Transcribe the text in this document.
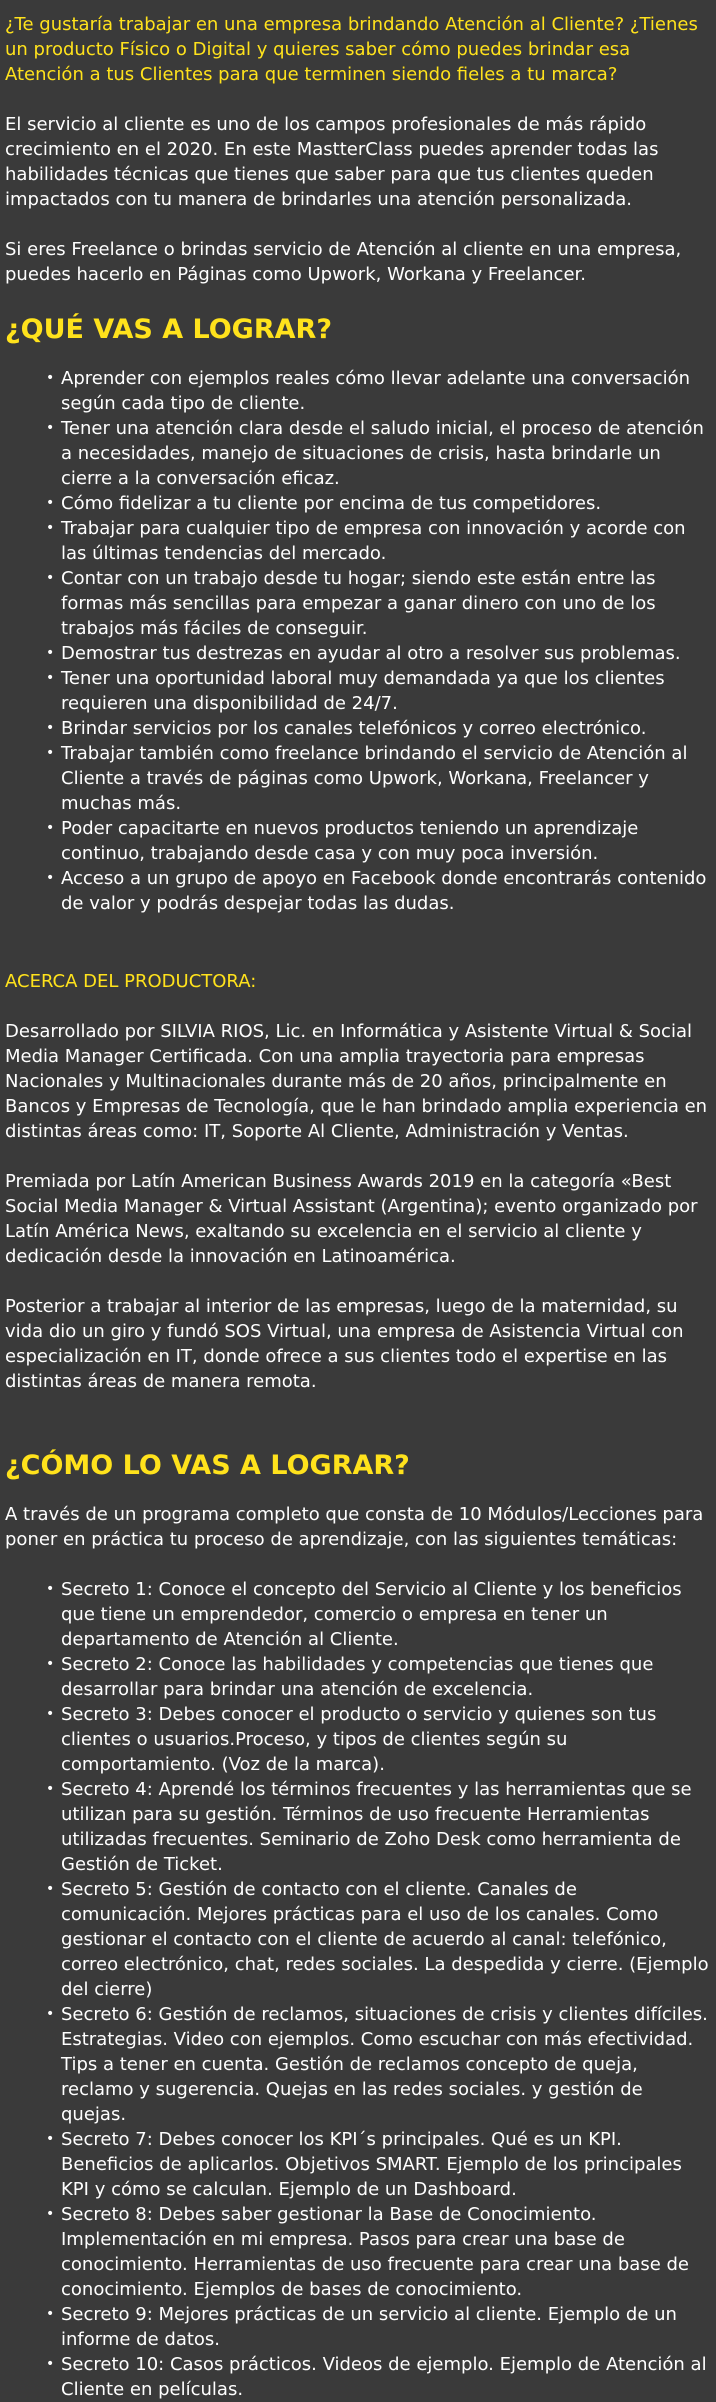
¿Te gustaría trabajar en una empresa brindando Atención al Cliente? ¿Tienes un producto Físico o Digital y quieres saber cómo puedes brindar esa Atención a tus Clientes para que terminen siendo fieles a tu marca?

El servicio al cliente es uno de los campos profesionales de más rápido crecimiento en el 2020. En este MastterClass puedes aprender todas las habilidades técnicas que tienes que saber para que tus clientes queden impactados con tu manera de brindarles una atención personalizada.

Si eres Freelance o brindas servicio de Atención al cliente en una empresa, puedes hacerlo en Páginas como Upwork, Workana y Freelancer.

¿QUÉ VAS A LOGRAR?
• Aprender con ejemplos reales cómo llevar adelante una conversación según cada tipo de cliente.
• Tener una atención clara desde el saludo inicial, el proceso de atención a necesidades, manejo de situaciones de crisis, hasta brindarle un cierre a la conversación eficaz.
• Cómo fidelizar a tu cliente por encima de tus competidores.
• Trabajar para cualquier tipo de empresa con innovación y acorde con las últimas tendencias del mercado.
• Contar con un trabajo desde tu hogar; siendo este están entre las formas más sencillas para empezar a ganar dinero con uno de los trabajos más fáciles de conseguir.
• Demostrar tus destrezas en ayudar al otro a resolver sus problemas.
• Tener una oportunidad laboral muy demandada ya que los clientes requieren una disponibilidad de 24/7.
• Brindar servicios por los canales telefónicos y correo electrónico.
• Trabajar también como freelance brindando el servicio de Atención al Cliente a través de páginas como Upwork, Workana, Freelancer y muchas más.
• Poder capacitarte en nuevos productos teniendo un aprendizaje continuo, trabajando desde casa y con muy poca inversión.
• Acceso a un grupo de apoyo en Facebook donde encontrarás contenido de valor y podrás despejar todas las dudas.

ACERCA DEL PRODUCTORA:

Desarrollado por SILVIA RIOS, Lic. en Informática y Asistente Virtual & Social Media Manager Certificada. Con una amplia trayectoria para empresas Nacionales y Multinacionales durante más de 20 años, principalmente en Bancos y Empresas de Tecnología, que le han brindado amplia experiencia en distintas áreas como: IT, Soporte Al Cliente, Administración y Ventas.

Premiada por Latín American Business Awards 2019 en la categoría «Best Social Media Manager & Virtual Assistant (Argentina); evento organizado por Latín América News, exaltando su excelencia en el servicio al cliente y dedicación desde la innovación en Latinoamérica.

Posterior a trabajar al interior de las empresas, luego de la maternidad, su vida dio un giro y fundó SOS Virtual, una empresa de Asistencia Virtual con especialización en IT, donde ofrece a sus clientes todo el expertise en las distintas áreas de manera remota.

¿CÓMO LO VAS A LOGRAR?

A través de un programa completo que consta de 10 Módulos/Lecciones para poner en práctica tu proceso de aprendizaje, con las siguientes temáticas:

• Secreto 1: Conoce el concepto del Servicio al Cliente y los beneficios que tiene un emprendedor, comercio o empresa en tener un departamento de Atención al Cliente.
• Secreto 2: Conoce las habilidades y competencias que tienes que desarrollar para brindar una atención de excelencia.
• Secreto 3: Debes conocer el producto o servicio y quienes son tus clientes o usuarios.Proceso, y tipos de clientes según su comportamiento. (Voz de la marca).
• Secreto 4: Aprendé los términos frecuentes y las herramientas que se utilizan para su gestión. Términos de uso frecuente Herramientas utilizadas frecuentes. Seminario de Zoho Desk como herramienta de Gestión de Ticket.
• Secreto 5: Gestión de contacto con el cliente. Canales de comunicación. Mejores prácticas para el uso de los canales. Como gestionar el contacto con el cliente de acuerdo al canal: telefónico, correo electrónico, chat, redes sociales. La despedida y cierre. (Ejemplo del cierre)
• Secreto 6: Gestión de reclamos, situaciones de crisis y clientes difíciles. Estrategias. Video con ejemplos. Como escuchar con más efectividad. Tips a tener en cuenta. Gestión de reclamos concepto de queja, reclamo y sugerencia. Quejas en las redes sociales. y gestión de quejas.
• Secreto 7: Debes conocer los KPI´s principales. Qué es un KPI. Beneficios de aplicarlos. Objetivos SMART. Ejemplo de los principales KPI y cómo se calculan. Ejemplo de un Dashboard.
• Secreto 8: Debes saber gestionar la Base de Conocimiento. Implementación en mi empresa. Pasos para crear una base de conocimiento. Herramientas de uso frecuente para crear una base de conocimiento. Ejemplos de bases de conocimiento.
• Secreto 9: Mejores prácticas de un servicio al cliente. Ejemplo de un informe de datos.
• Secreto 10: Casos prácticos. Videos de ejemplo. Ejemplo de Atención al Cliente en películas.
